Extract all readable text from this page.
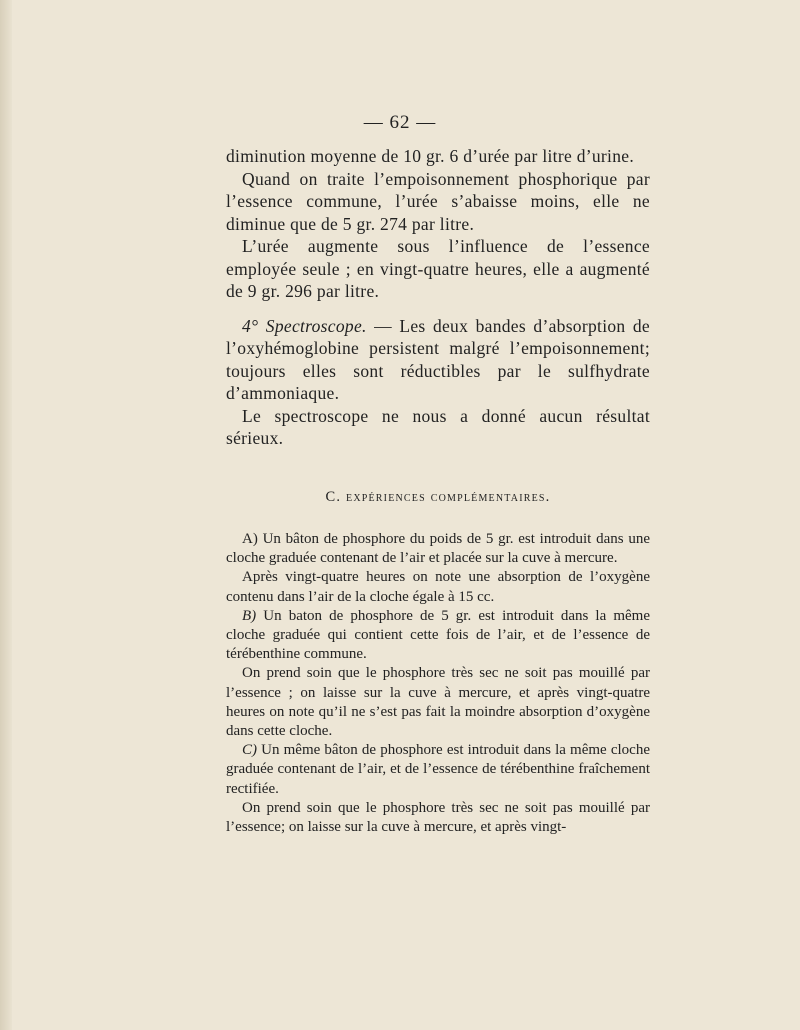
— 62 —

diminution moyenne de 10 gr. 6 d’urée par litre d’urine.

Quand on traite l’empoisonnement phosphorique par l’essence commune, l’urée s’abaisse moins, elle ne diminue que de 5 gr. 274 par litre.

L’urée augmente sous l’influence de l’essence employée seule ; en vingt-quatre heures, elle a augmenté de 9 gr. 296 par litre.

4° Spectroscope. — Les deux bandes d’absorption de l’oxyhémoglobine persistent malgré l’empoisonnement; toujours elles sont réductibles par le sulfhydrate d’ammoniaque.

Le spectroscope ne nous a donné aucun résultat sérieux.

C. expériences complémentaires.

A) Un bâton de phosphore du poids de 5 gr. est introduit dans une cloche graduée contenant de l’air et placée sur la cuve à mercure.

Après vingt-quatre heures on note une absorption de l’oxygène contenu dans l’air de la cloche égale à 15 cc.

B) Un baton de phosphore de 5 gr. est introduit dans la même cloche graduée qui contient cette fois de l’air, et de l’essence de térébenthine commune.

On prend soin que le phosphore très sec ne soit pas mouillé par l’essence ; on laisse sur la cuve à mercure, et après vingt-quatre heures on note qu’il ne s’est pas fait la moindre absorption d’oxygène dans cette cloche.

C) Un même bâton de phosphore est introduit dans la même cloche graduée contenant de l’air, et de l’essence de térébenthine fraîchement rectifiée.

On prend soin que le phosphore très sec ne soit pas mouillé par l’essence; on laisse sur la cuve à mercure, et après vingt-
